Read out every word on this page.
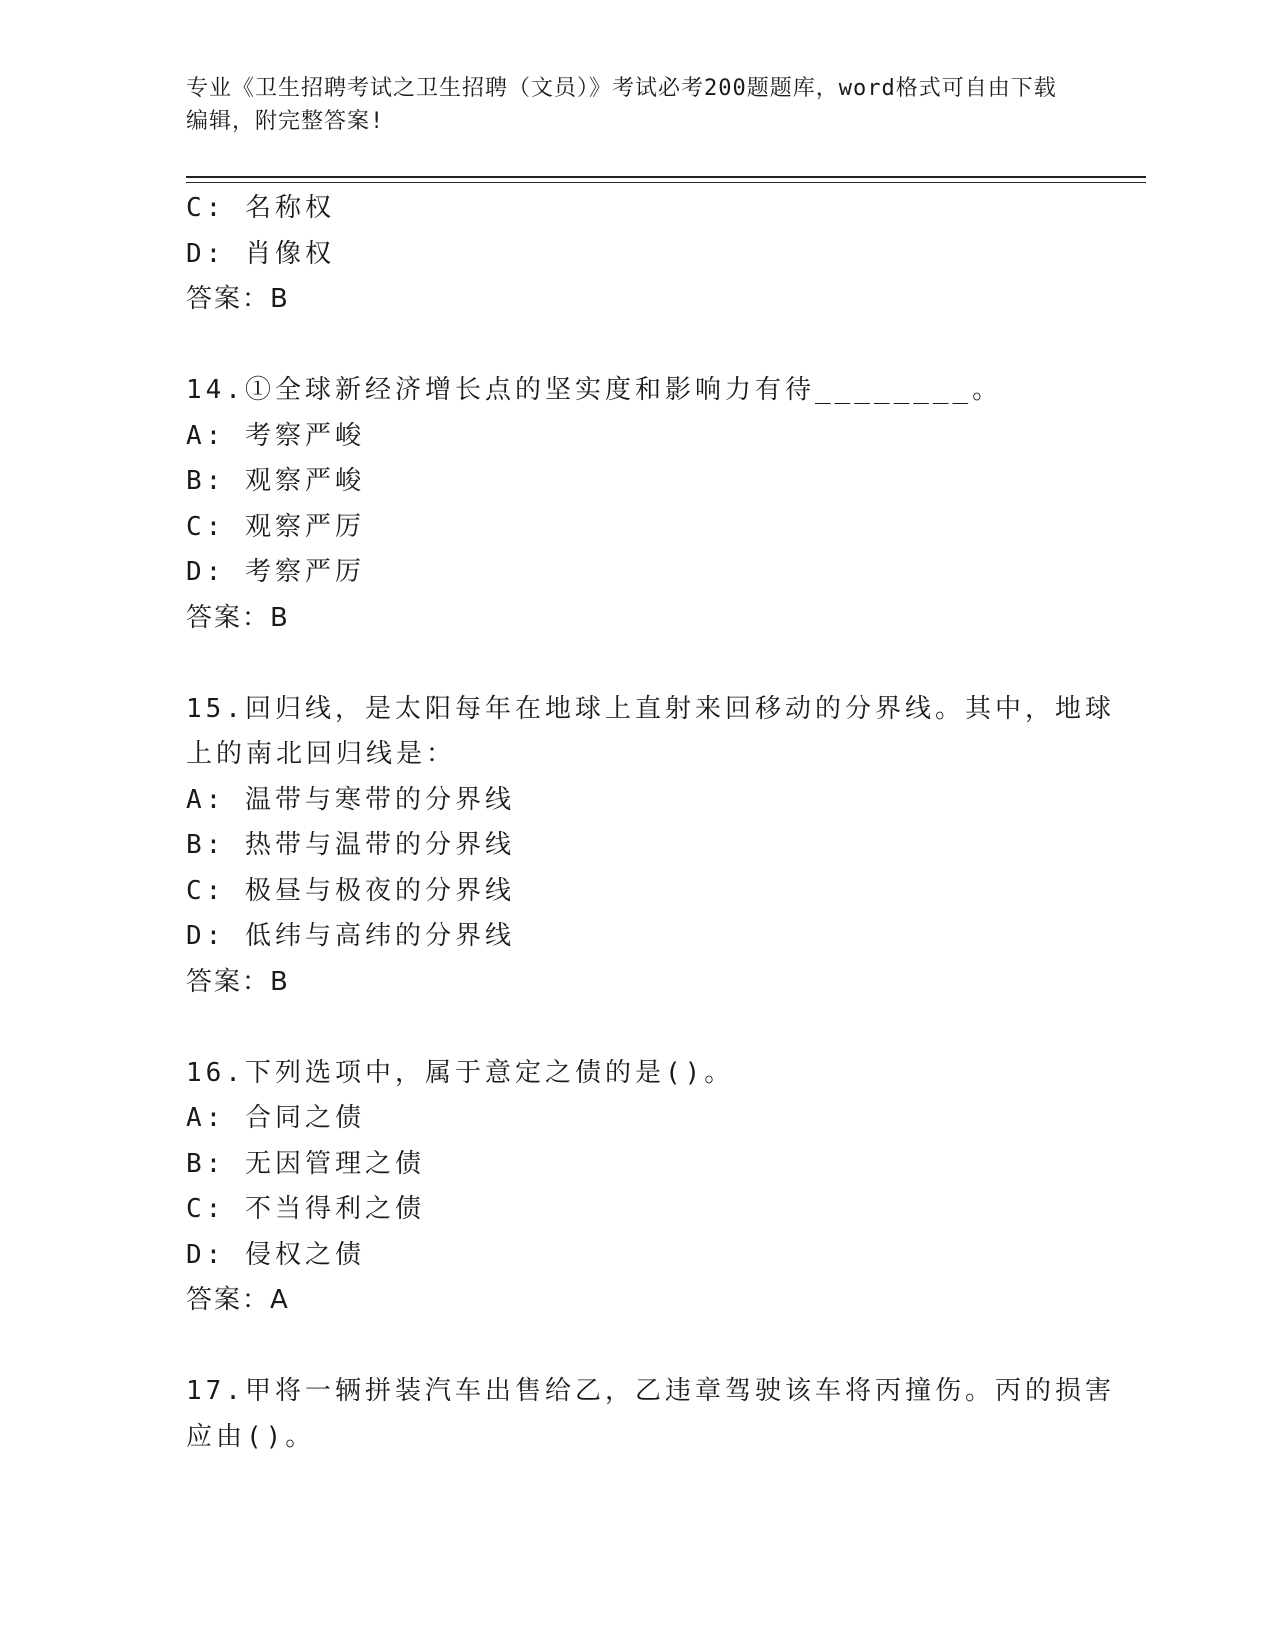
专业《卫生招聘考试之卫生招聘（文员）》考试必考200题题库，word格式可自由下载编辑，附完整答案!
C: 名称权
D: 肖像权
答案：B
14.①全球新经济增长点的坚实度和影响力有待________。
A: 考察严峻
B: 观察严峻
C: 观察严厉
D: 考察严厉
答案：B
15.回归线，是太阳每年在地球上直射来回移动的分界线。其中，地球
上的南北回归线是：
A: 温带与寒带的分界线
B: 热带与温带的分界线
C: 极昼与极夜的分界线
D: 低纬与高纬的分界线
答案：B
16.下列选项中，属于意定之债的是()。
A: 合同之债
B: 无因管理之债
C: 不当得利之债
D: 侵权之债
答案：A
17.甲将一辆拼装汽车出售给乙，乙违章驾驶该车将丙撞伤。丙的损害
应由()。
